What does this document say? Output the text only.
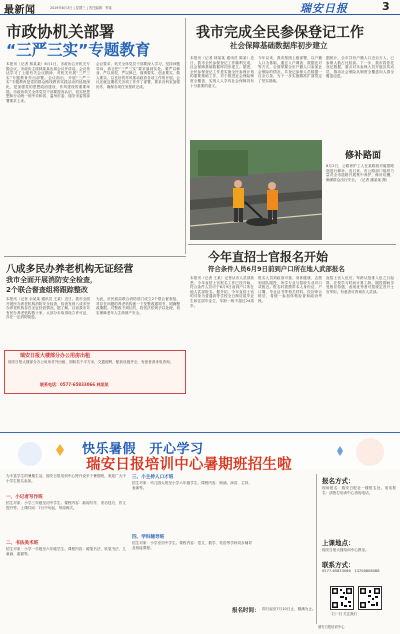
最新闻	2019年6月3日 | 星期三 | 责任编辑：李某	瑞安日报	3
市政协机关部署
“三严三实”专题教育
本报讯（记者 林某某）6月1日，市政协召开机关专题会议，市政协主席林某某出席会议并讲话。会议传达学习了上级有关会议精神，对机关开展“三严三实”专题教育作出部署。会议指出，开展“三严三实”专题教育是党的群众路线教育实践活动的延展深化，是加强党的思想政治建设、作风建设的重要举措。市政协机关全体党员干部要提高认识，切实把思想和行动统一到中央和省、温州市委、瑞安市委的部署要求上来。
会议要求，机关全体党员干部要深入学习，坚持问题导向，真正把“三严三实”要求落到实处。要严以修身、严以用权、严以律己，谋事要实、创业要实、做人要实，以良好的作风推动政协各项工作的开展。会议还就近期机关各项工作作了部署，要求各科室加强协作，确保各项任务按时完成。
我市完成全民参保登记工作
社会保障基础数据库初步建立
本报讯（记者 林某某 通讯员 陈某）近日，我市全民参保登记工作顺利完成，社会保障基础数据库初步建立。据悉，全民参保登记工作是实施全民参保计划的重要基础工作，对于推进社会保险制度全覆盖、实现人人享有社会保障具有十分重要的意义。
今年以来，我市按照上级部署，以户籍人口为基础，通过入户调查、数据比对等方式，全面掌握全市户籍人口参加社会保险的情况，共登记参保人员数据一百余万条，为下一步实施精准扩面奠定了坚实基础。
据统计，全市共有户籍人口近百万人，已参保人数占比较高。下一步，我市将依托登记数据，重点对未参保人员开展宣传动员，推动社会保险从制度全覆盖向人群全覆盖迈进。
修补路面
6月2日，公路养护工人在某路段对破损路面进行修补。连日来，市公路部门组织力量对全市道路开展集中养护，修补坑槽，确保群众出行安全。（记者 潘某某 摄）
八成多民办养老机构无证经营
我市全面开展消防安全检查，
2个联合督查组将跟踪整改
本报讯（记者 余某某 通讯员 王某）近日，我市全面开展民办养老机构消防安全检查，检查发现八成多民办养老机构存在无证经营情况。据了解，目前我市共有民办养老机构数十家，大部分未取得设立许可证，存在一定消防隐患。
为此，市民政局联合消防部门成立2个联合督查组，对存在问题的养老机构逐一下发整改通知书，明确整改期限。对整改不到位的，将依法依规予以处理，切实保障老年人生命财产安全。
瑞安日报大楼部分办公用房出租
瑞安日报大楼部分办公用房对外出租，面积若干平方米，交通便利，配套设施齐全，有意者请来电咨询。
联系电话：0577-65833066 林某某
今年直招士官报名开始
符合条件人员6月9日前到户口所在地人武部报名
本报讯（记者 王某）记者从市人武部获悉，今年直招士官报名工作已经开始，符合条件人员可于6月9日前到户口所在地人武部报名。据介绍，今年直招士官的对象为普通高等学校全日制应届毕业生和往届毕业生，年龄一般不超过24周岁。
报名人员须政治可靠、身体健康、志愿到部队服役，所学专业与招收专业对口或相近。报名时需携带本人身份证、户口簿、毕业证书等相关材料。经初审合格后，将统一参加体格检查和政治考核。
直招士官入伍后，军龄从批准入伍之日起算，在校学习时间计算工龄。服役期间享受相应待遇，表现优秀者可按规定晋升士官军衔。有意者可咨询市人武部。
快乐暑假　开心学习
瑞安日报培训中心暑期班招生啦
为丰富学生的暑期生活，瑞安日报培训中心特开设多个暑期班，欢迎广大中小学生报名参加。
一、小记者写作班
招生对象：小学三年级至初中学生。课程内容：新闻写作、采访技巧、作文提升等。上课时间：7月中旬起，每周两次。
二、书法美术班
招生对象：小学一年级至六年级学生。课程内容：硬笔书法、软笔书法、儿童画、素描等。
三、小主持人口才班
招生对象：幼儿园大班至小学六年级学生。课程内容：朗诵、演讲、主持、表演等。
四、学科辅导班
招生对象：小学至初中学生。课程内容：语文、数学、英语等学科同步辅导及衔接课程。
报名时间： 即日起至7月10日止，额满为止。
报名方式：
现场报名：瑞安日报社一楼报名处。电话报名：请拨打培训中心咨询电话。
上课地点：
瑞安日报大楼培训中心教室。
联系方式：
0577-65833066　13706808088
扫一扫 关注我们
瑞安日报培训中心
